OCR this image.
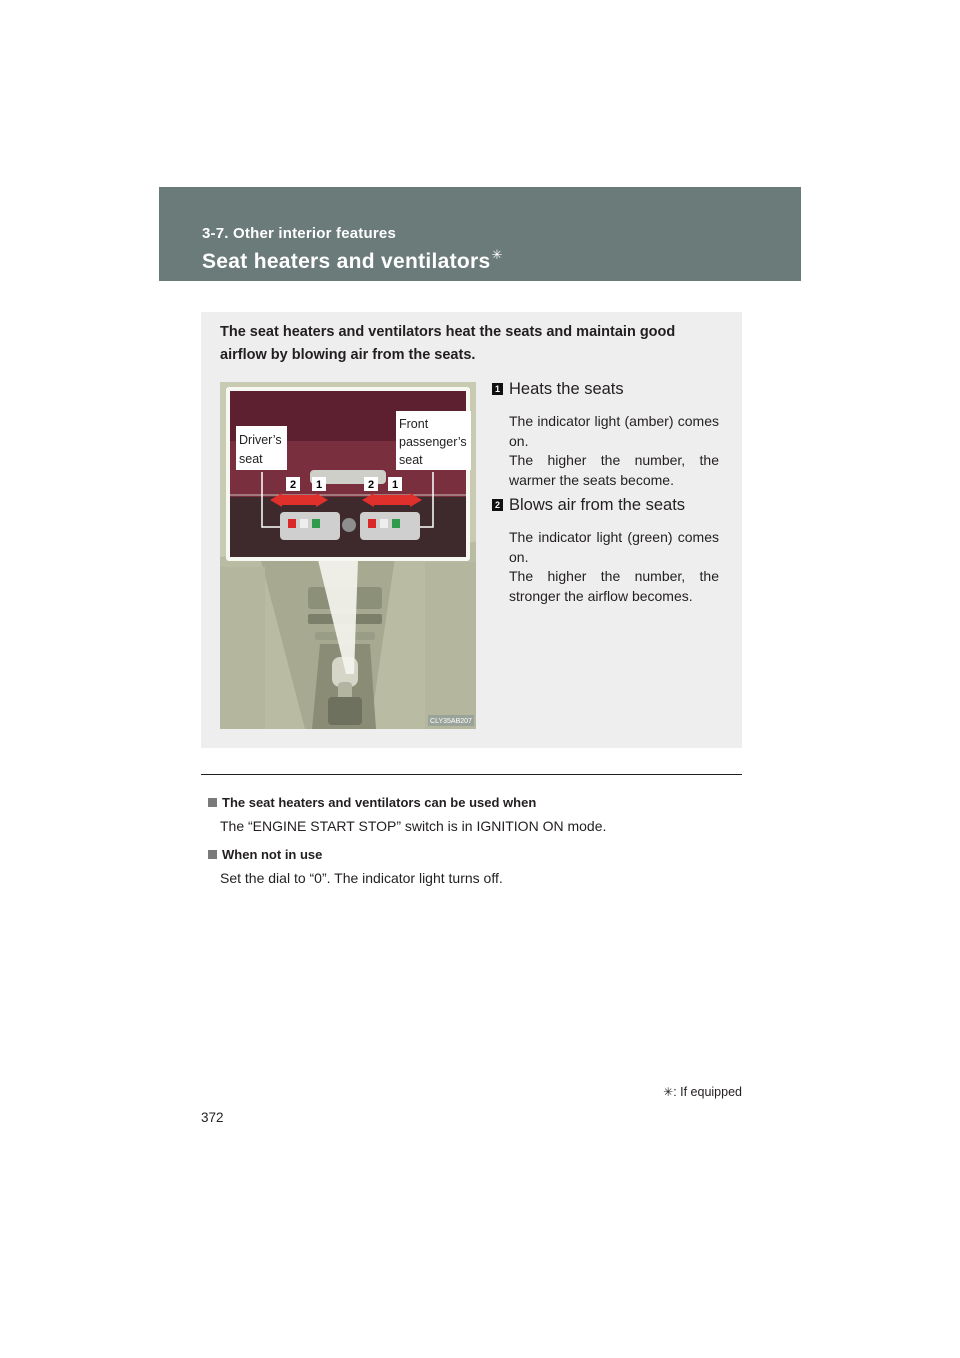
3-7. Other interior features
Seat heaters and ventilators✳
The seat heaters and ventilators heat the seats and maintain good airflow by blowing air from the seats.
2 1	2 1
Driver’s
seat
Front
passenger’s
seat
CLY35AB207
1 Heats the seats

The indicator light (amber) comes on.

The higher the number, the warmer the seats become.

2 Blows air from the seats

The indicator light (green) comes on.

The higher the number, the stronger the airflow becomes.

The seat heaters and ventilators can be used when
The “ENGINE START STOP” switch is in IGNITION ON mode.
When not in use
Set the dial to “0”. The indicator light turns off.
✳: If equipped
372
